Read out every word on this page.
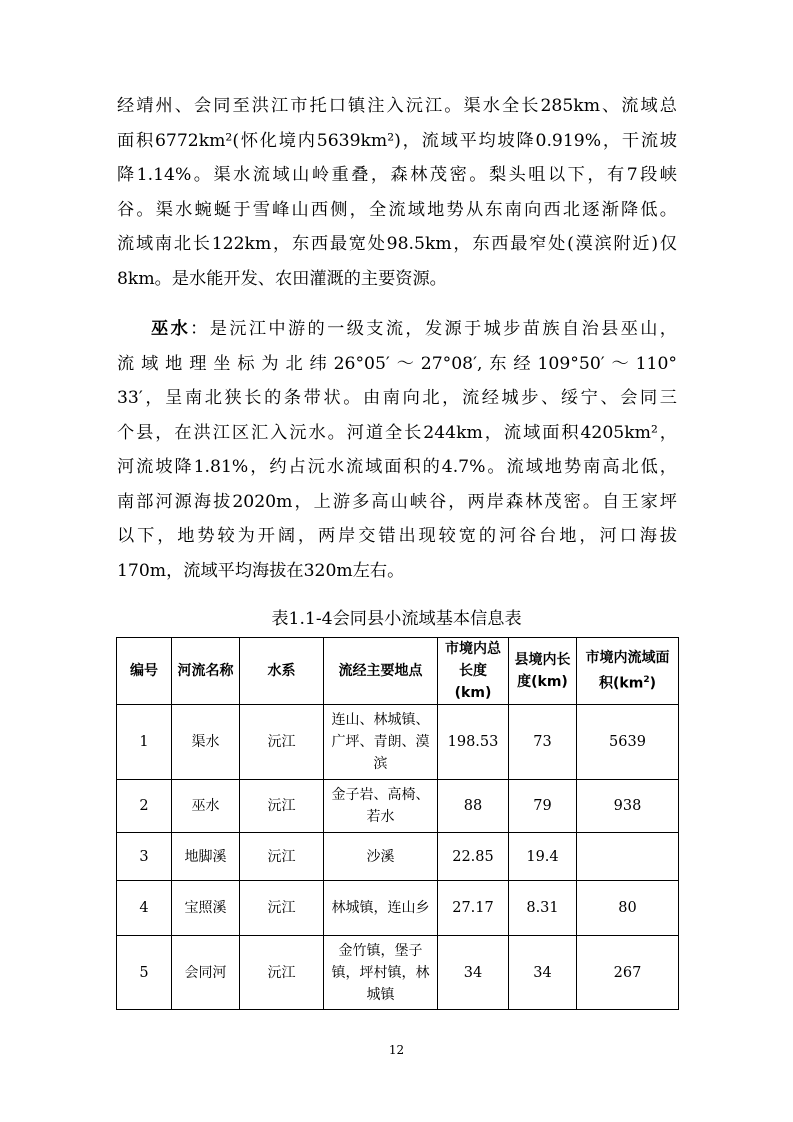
经靖州、会同至洪江市托口镇注入沅江。渠水全长285km、流域总
面积6772km²(怀化境内5639km²)，流域平均坡降0.919%，干流坡
降1.14%。渠水流域山岭重叠，森林茂密。梨头咀以下，有7段峡
谷。渠水蜿蜒于雪峰山西侧，全流域地势从东南向西北逐渐降低。
流域南北长122km，东西最宽处98.5km，东西最窄处(漠滨附近)仅
8km。是水能开发、农田灌溉的主要资源。
巫水：是沅江中游的一级支流，发源于城步苗族自治县巫山，
流域地理坐标为北纬26°05′～27°08′,东经109°50′～110°
33′，呈南北狭长的条带状。由南向北，流经城步、绥宁、会同三
个县，在洪江区汇入沅水。河道全长244km，流域面积4205km²，
河流坡降1.81%，约占沅水流域面积的4.7%。流域地势南高北低，
南部河源海拔2020m，上游多高山峡谷，两岸森林茂密。自王家坪
以下，地势较为开阔，两岸交错出现较宽的河谷台地，河口海拔
170m，流域平均海拔在320m左右。
表1.1-4会同县小流域基本信息表
编号	河流名称	水系	流经主要地点	市境内总长度(km)	县境内长度(km)	市境内流域面积$(km^2)$
1	渠水	沅江	连山、林城镇、广坪、青朗、漠滨	198.53	73	5639
2	巫水	沅江	金子岩、高椅、若水	88	79	938
3	地脚溪	沅江	沙溪	22.85	19.4	
4	宝照溪	沅江	林城镇，连山乡	27.17	8.31	80
5	会同河	沅江	金竹镇，堡子镇，坪村镇，林城镇	34	34	267
12
